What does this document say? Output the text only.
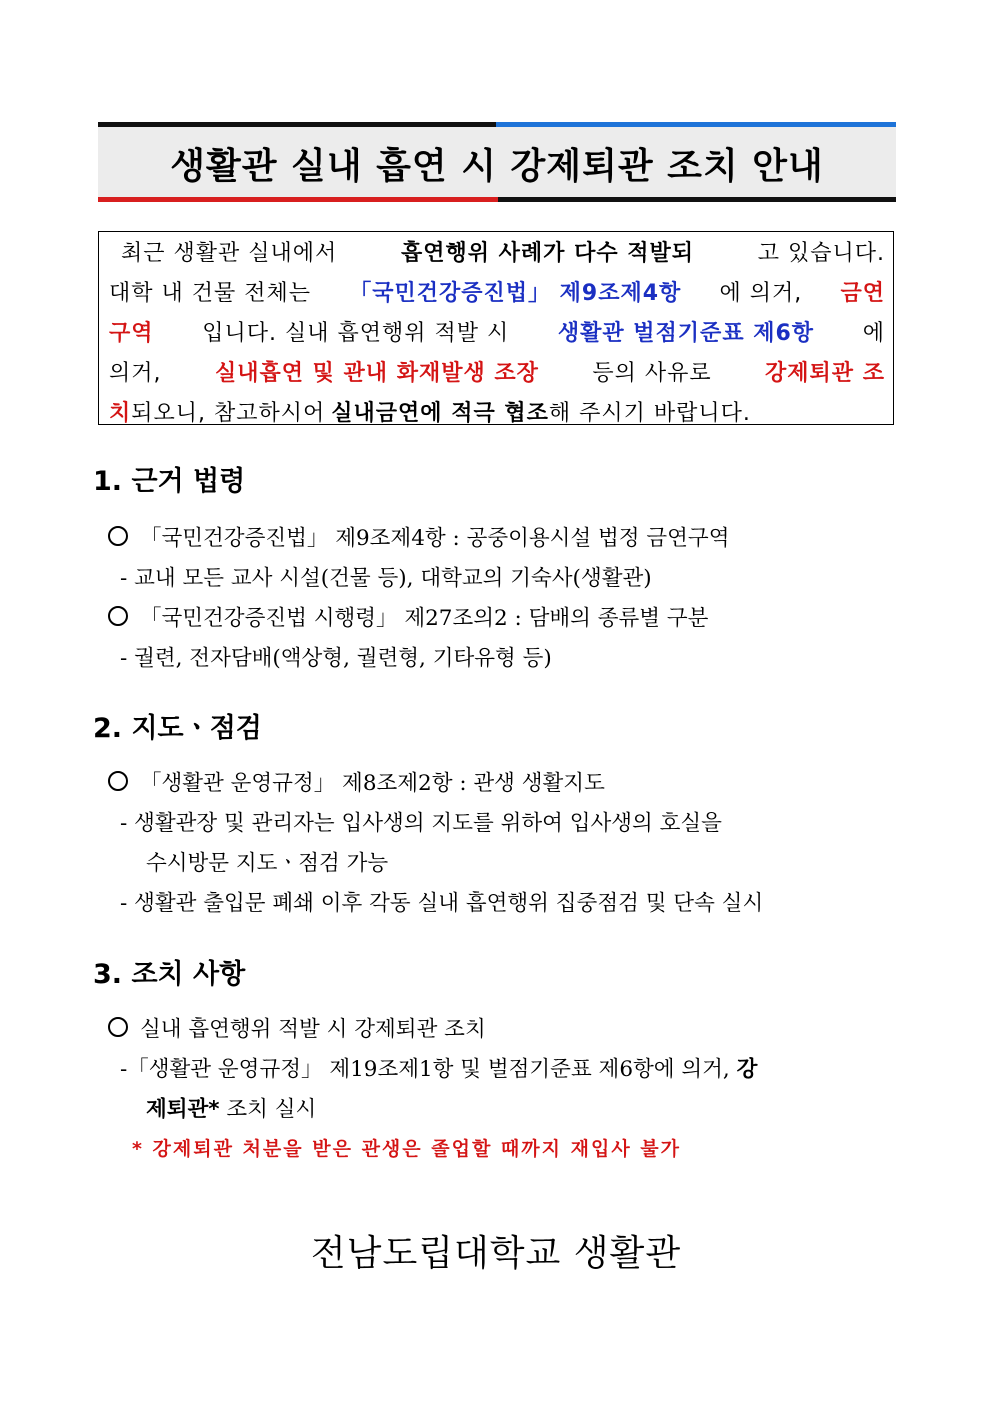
생활관 실내 흡연 시 강제퇴관 조치 안내
최근 생활관 실내에서	흡연행위 사례가 다수 적발되	고 있습니다.
대학 내 건물 전체는 「국민건강증진법」 제9조제4항 에 의거, 금연
구역 입니다. 실내 흡연행위 적발 시 생활관 벌점기준표 제6항 에
의거, 실내흡연 및 관내 화재발생 조장 등의 사유로 강제퇴관 조
치 되오니, 참고하시어 실내금연에 적극 협조 해 주시기 바랍니다.
1. 근거 법령
「국민건강증진법」 제9조제4항 : 공중이용시설 법정 금연구역
- 교내 모든 교사 시설(건물 등), 대학교의 기숙사(생활관)
「국민건강증진법 시행령」 제27조의2 : 담배의 종류별 구분
- 궐련, 전자담배(액상형, 궐련형, 기타유형 등)
2. 지도ㆍ점검
「생활관 운영규정」 제8조제2항 : 관생 생활지도
- 생활관장 및 관리자는 입사생의 지도를 위하여 입사생의 호실을
수시방문 지도ㆍ점검 가능
- 생활관 출입문 폐쇄 이후 각동 실내 흡연행위 집중점검 및 단속 실시
3. 조치 사항
실내 흡연행위 적발 시 강제퇴관 조치
-「생활관 운영규정」 제19조제1항 및 벌점기준표 제6항에 의거, 강
제퇴관* 조치 실시
* 강제퇴관 처분을 받은 관생은 졸업할 때까지 재입사 불가
전남도립대학교 생활관
